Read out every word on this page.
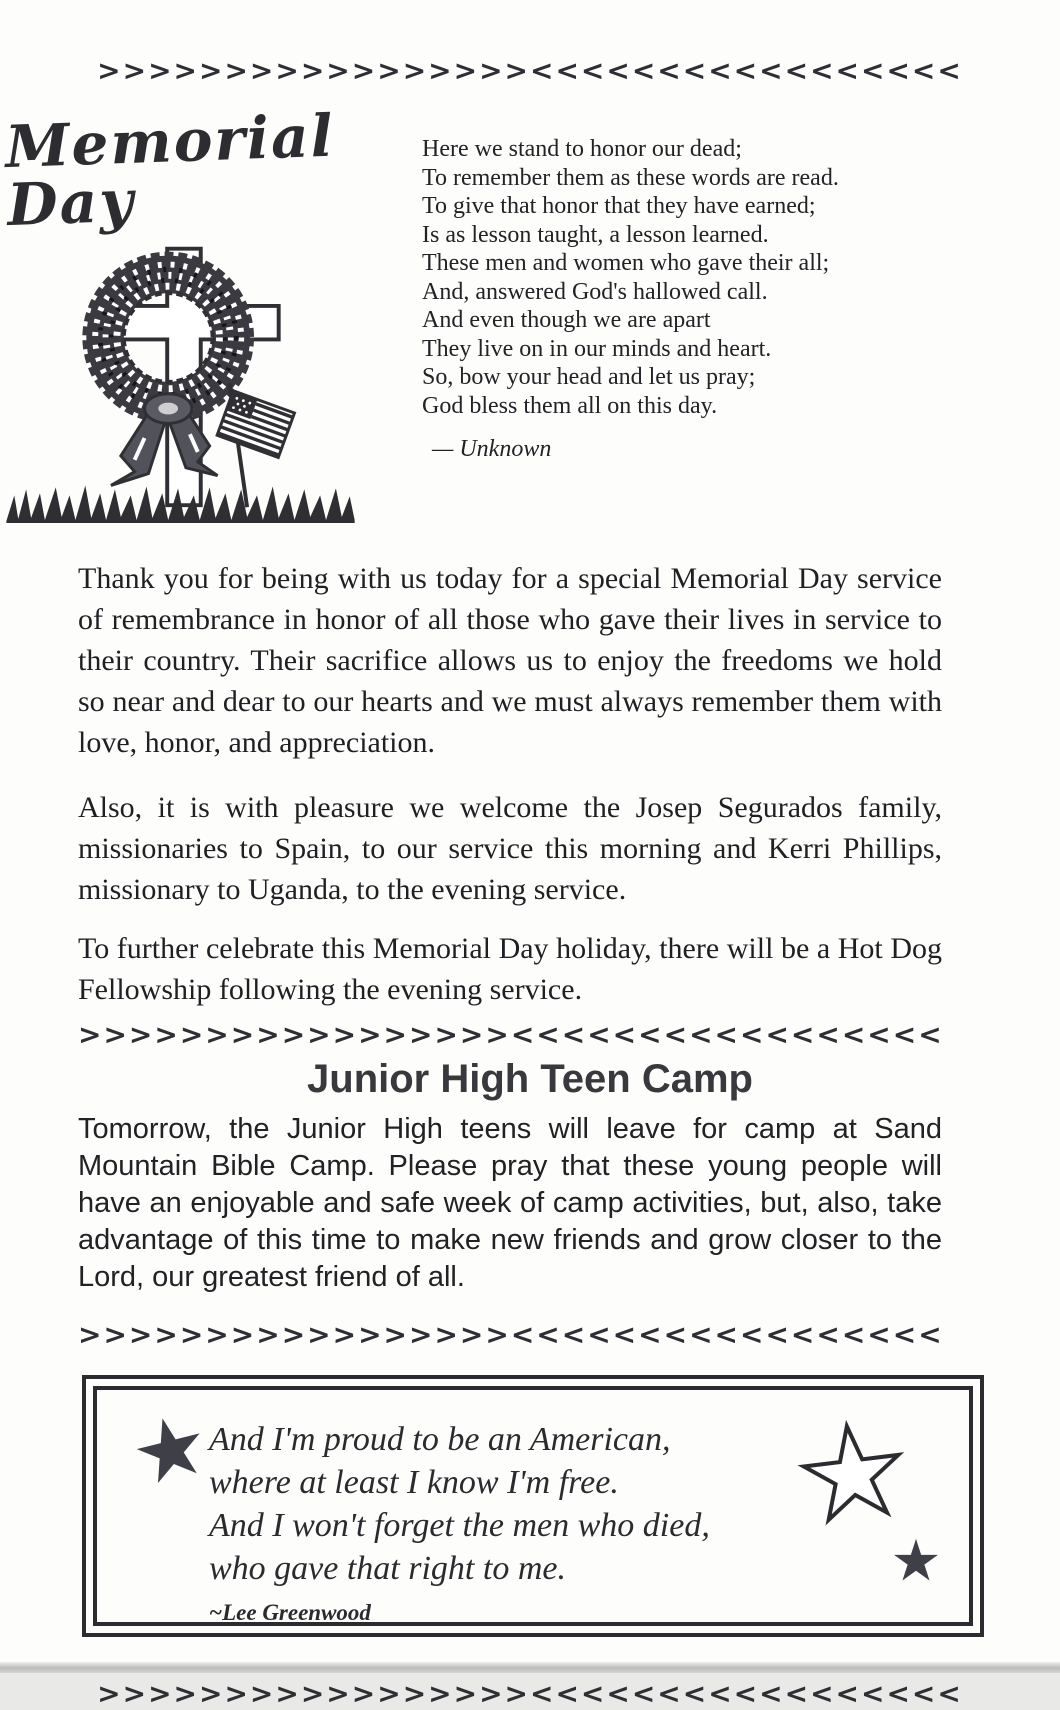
>>>>>>>>>>>>>>>>><<<<<<<<<<<<<<<<<
Memorial Day
Here we stand to honor our dead;
To remember them as these words are read.
To give that honor that they have earned;
Is as lesson taught, a lesson learned.
These men and women who gave their all;
And, answered God's hallowed call.
And even though we are apart
They live on in our minds and heart.
So, bow your head and let us pray;
God bless them all on this day.
— Unknown

Thank you for being with us today for a special Memorial Day service of remembrance in honor of all those who gave their lives in service to their country. Their sacrifice allows us to enjoy the freedoms we hold so near and dear to our hearts and we must always remember them with love, honor, and appreciation.

Also, it is with pleasure we welcome the Josep Segurados family, missionaries to Spain, to our service this morning and Kerri Phillips, missionary to Uganda, to the evening service.

To further celebrate this Memorial Day holiday, there will be a Hot Dog Fellowship following the evening service.

>>>>>>>>>>>>>>>>><<<<<<<<<<<<<<<<<
Junior High Teen Camp

Tomorrow, the Junior High teens will leave for camp at Sand Mountain Bible Camp. Please pray that these young people will have an enjoyable and safe week of camp activities, but, also, take advantage of this time to make new friends and grow closer to the Lord, our greatest friend of all.

>>>>>>>>>>>>>>>>><<<<<<<<<<<<<<<<<
And I'm proud to be an American,
where at least I know I'm free.
And I won't forget the men who died,
who gave that right to me.
~Lee Greenwood
>>>>>>>>>>>>>>>>><<<<<<<<<<<<<<<<<
